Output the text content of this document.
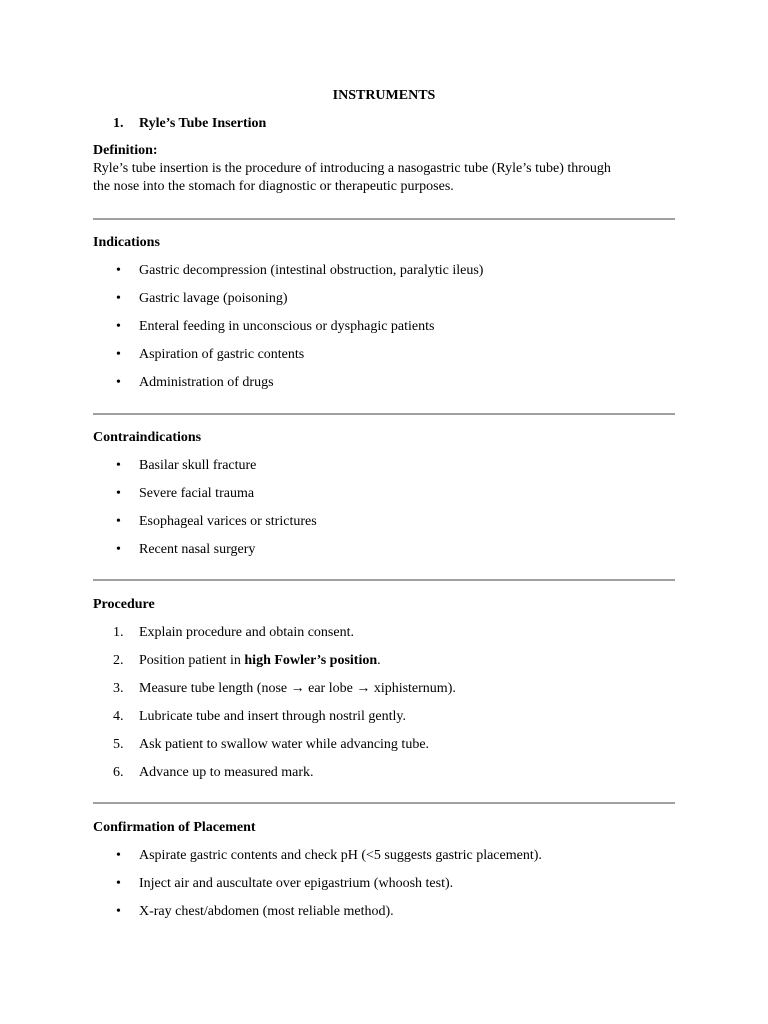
INSTRUMENTS
1.	Ryle’s Tube Insertion
Definition:
Ryle’s tube insertion is the procedure of introducing a nasogastric tube (Ryle’s tube) through
the nose into the stomach for diagnostic or therapeutic purposes.
Indications
• Gastric decompression (intestinal obstruction, paralytic ileus)
• Gastric lavage (poisoning)
• Enteral feeding in unconscious or dysphagic patients
• Aspiration of gastric contents
• Administration of drugs
Contraindications
• Basilar skull fracture
• Severe facial trauma
• Esophageal varices or strictures
• Recent nasal surgery
Procedure
1.	Explain procedure and obtain consent.
2.	Position patient in high Fowler’s position.
3.	Measure tube length (nose → ear lobe → xiphisternum).
4.	Lubricate tube and insert through nostril gently.
5.	Ask patient to swallow water while advancing tube.
6.	Advance up to measured mark.
Confirmation of Placement
• Aspirate gastric contents and check pH (<5 suggests gastric placement).
• Inject air and auscultate over epigastrium (whoosh test).
• X-ray chest/abdomen (most reliable method).
